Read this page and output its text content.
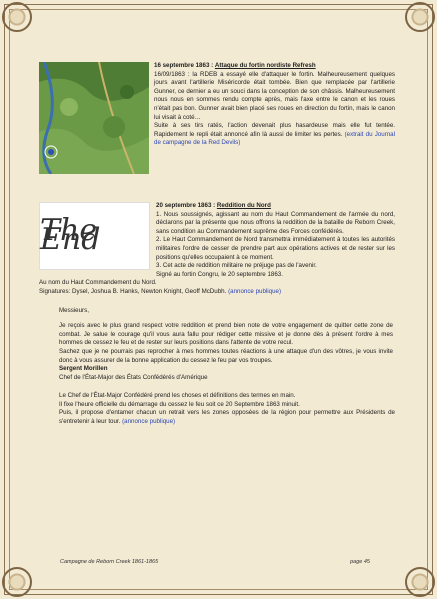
16 septembre 1863 : Attaque du fortin nordiste Refresh

16/09/1863 : la RDEB a essayé elle d'attaquer le fortin. Malheureusement quelques jours avant l'artillerie Miséricorde était tombée. Bien que remplacée par l'artillerie Gunner, ce dernier a eu un souci dans la conception de son châssis. Malheureusement nous nous en sommes rendu compte après, mais l'axe entre le canon et les roues n'était pas bon. Gunner avait bien placé ses roues en direction du fortin, mais le canon lui visait à coté…

Suite à ses tirs ratés, l'action devenait plus hasardeuse mais elle fut tentée. Rapidement le repli était annoncé afin là aussi de limiter les pertes. (extrait du Journal de campagne de la Red Devils)

The End

20 septembre 1863 : Reddition du Nord

1. Nous soussignés, agissant au nom du Haut Commandement de l'armée du nord, déclarons par la présente que nous offrons la reddition de la bataille de Reborn Creek, sans condition au Commandement suprême des Forces confédérés.

2. Le Haut Commandement de Nord transmettra immédiatement à toutes les autorités militaires l'ordre de cesser de prendre part aux opérations actives et de rester sur les positions qu'elles occupaient à ce moment.

3. Cet acte de reddition militaire ne préjuge pas de l'avenir.

Signé au fortin Congru, le 20 septembre 1863.

Au nom du Haut Commandement du Nord.

Signatures: Dysel, Joshua B. Hanks, Newton Knight, Geoff McDubh. (annonce publique)

Messieurs,

Je reçois avec le plus grand respect votre reddition et prend bien note de votre engagement de quitter cette zone de combat. Je salue le courage qu'il vous aura fallu pour rédiger cette missive et je donne dès à présent l'ordre à mes hommes de cessez le feu et de rester sur leurs positions dans l'attente de votre recul.

Sachez que je ne pourrais pas reprocher à mes hommes toutes réactions à une attaque d'un des vôtres, je vous invite donc à vous assurer de la bonne application du cessez le feu par vos troupes.

Sergent Morillen

Chef de l'État-Major des États Confédérés d'Amérique

Le Chef de l'État-Major Confédéré prend les choses et définitions des termes en main.

Il fixe l'heure officielle du démarrage du cessez le feu soit ce 20 Septembre 1863 minuit.

Puis, il propose d'entamer chacun un retrait vers les zones opposées de la région pour permettre aux Présidents de s'entretenir à leur tour. (annonce publique)

Campagne de Reborn Creek 1861-1865	page 45
